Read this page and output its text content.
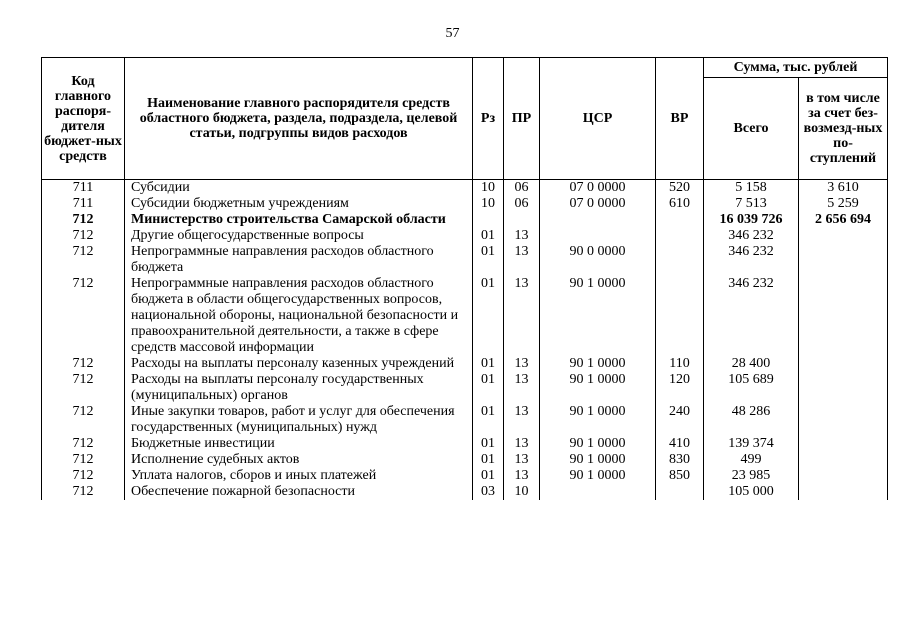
57
Код главного распоря-дителя бюджет-ных средств	Наименование главного распорядителя средств областного бюджета, раздела, подраздела, целевой статьи, подгруппы видов расходов	Рз	ПР	ЦСР	ВР	Сумма, тыс. рублей	
						Всего	в том числе за счет без-возмезд-ных по-ступлений
711	Субсидии	10	06	07 0 0000	520	5 158	3 610
711	Субсидии бюджетным учреждениям	10	06	07 0 0000	610	7 513	5 259
712	Министерство строительства Самарской области					16 039 726	2 656 694
712	Другие общегосударственные вопросы	01	13			346 232	
712	Непрограммные направления расходов областного бюджета	01	13	90 0 0000		346 232	
712	Непрограммные направления расходов областного бюджета в области общегосударственных вопросов, национальной обороны, национальной безопасности и правоохранительной деятельности, а также в сфере средств массовой информации	01	13	90 1 0000		346 232	
712	Расходы на выплаты персоналу казенных учреждений	01	13	90 1 0000	110	28 400	
712	Расходы на выплаты персоналу государственных (муниципальных) органов	01	13	90 1 0000	120	105 689	
712	Иные закупки товаров, работ и услуг для обеспечения государственных (муниципальных) нужд	01	13	90 1 0000	240	48 286	
712	Бюджетные инвестиции	01	13	90 1 0000	410	139 374	
712	Исполнение судебных актов	01	13	90 1 0000	830	499	
712	Уплата налогов, сборов и иных платежей	01	13	90 1 0000	850	23 985	
712	Обеспечение пожарной безопасности	03	10			105 000	
